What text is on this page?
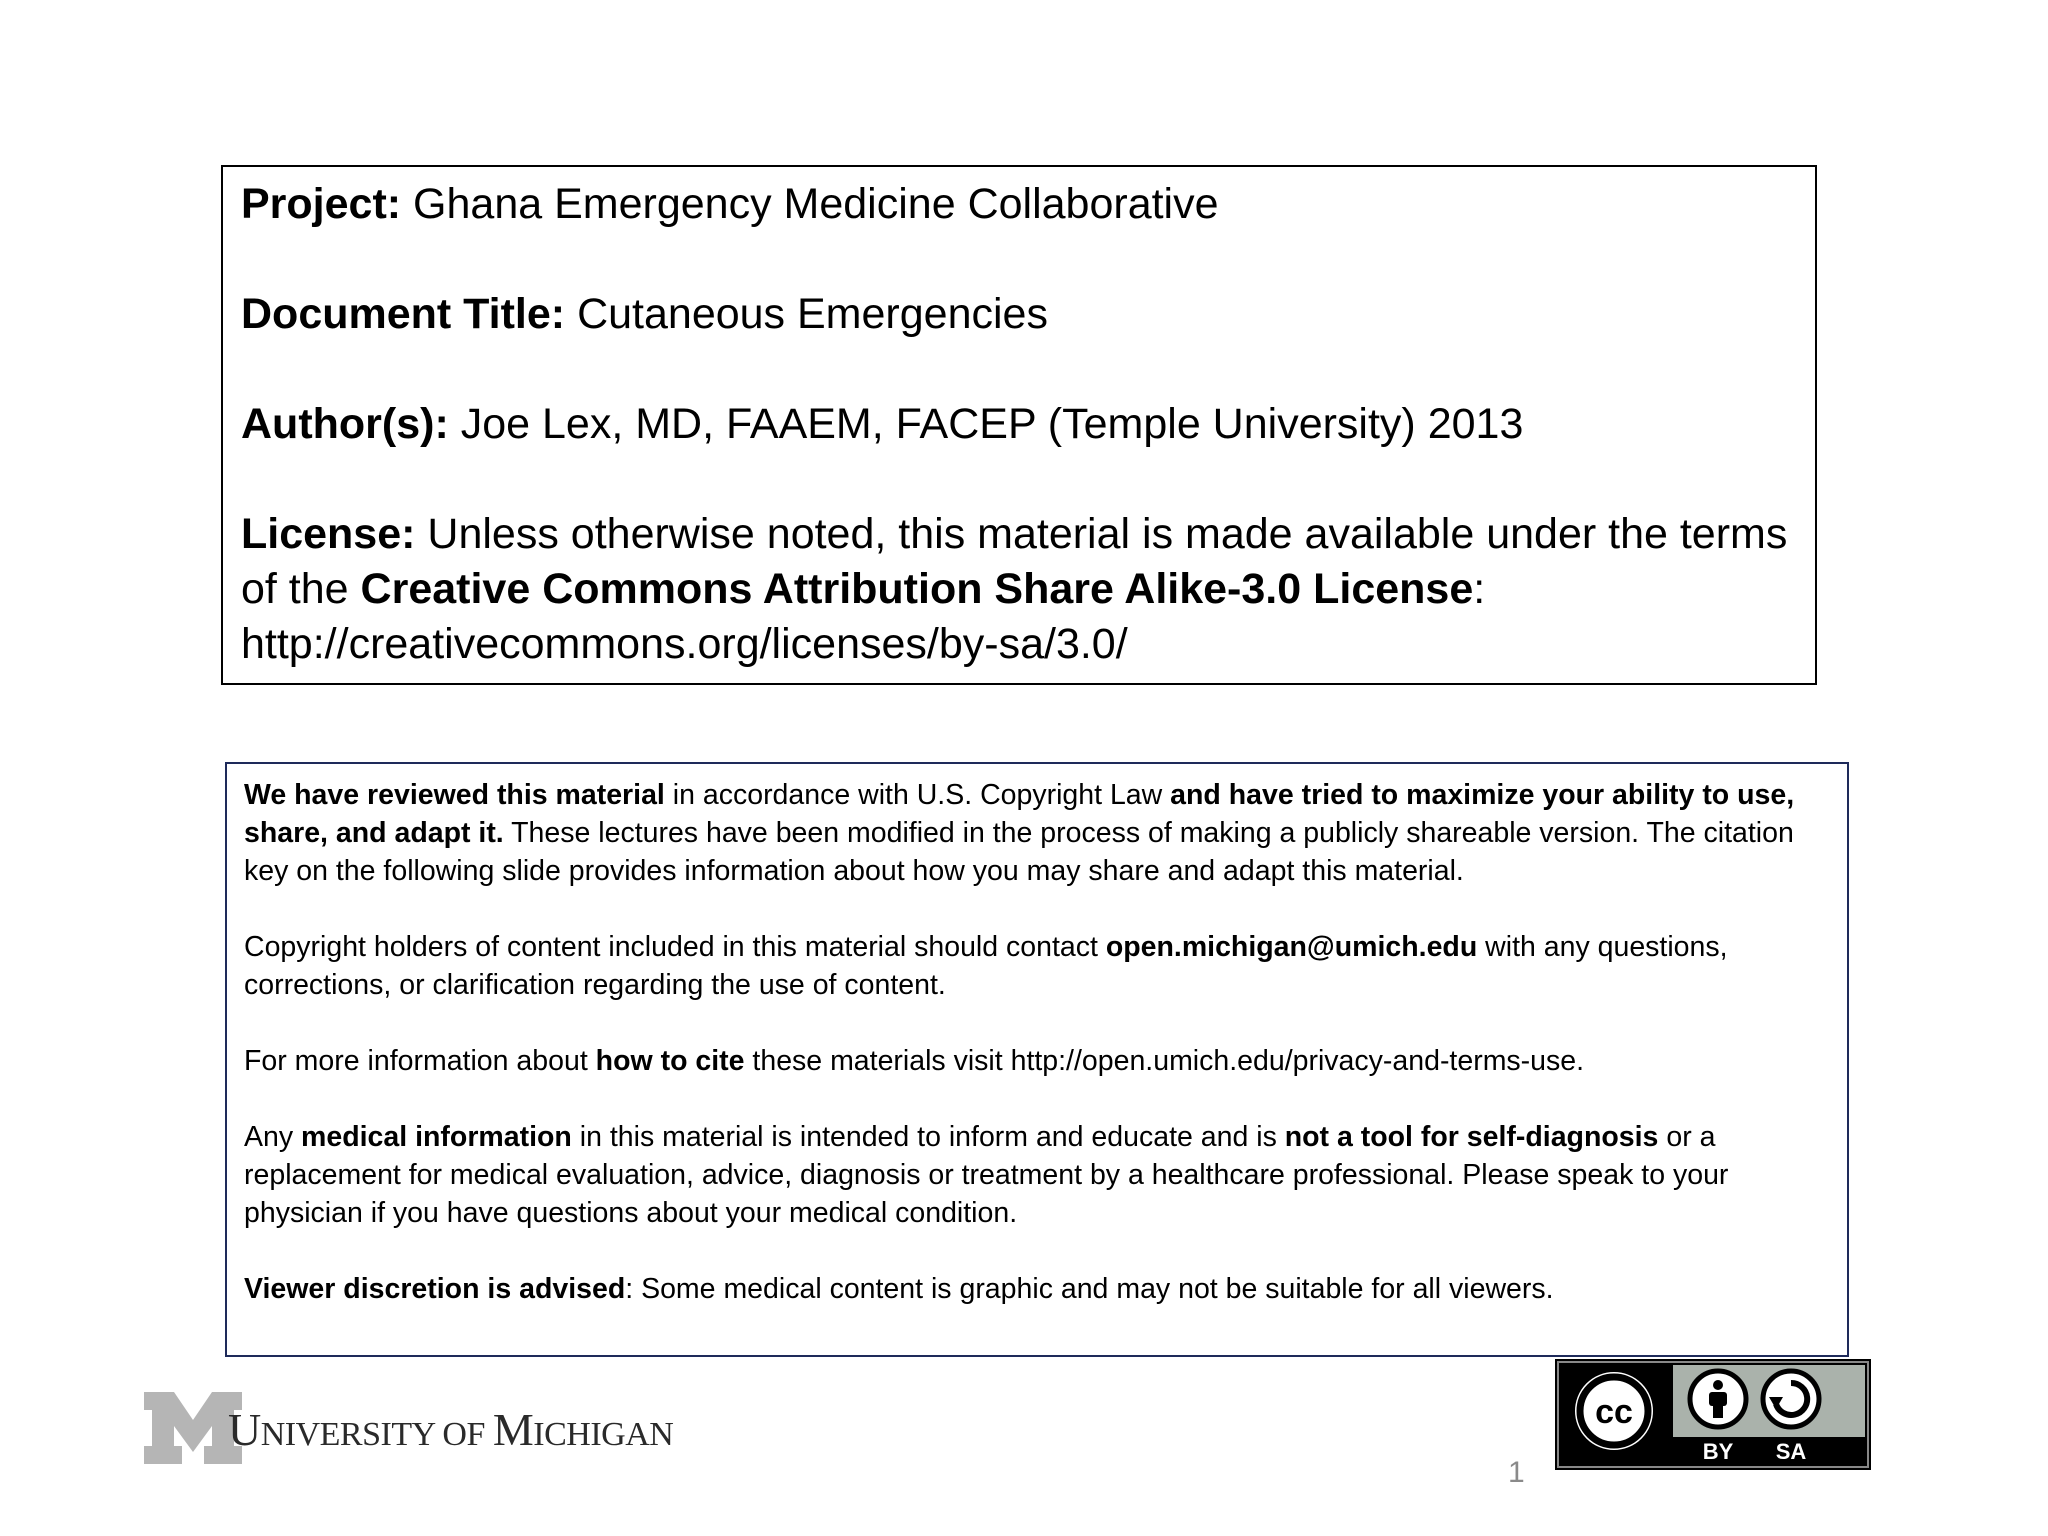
Project: Ghana Emergency Medicine Collaborative

Document Title: Cutaneous Emergencies

Author(s): Joe Lex, MD, FAAEM, FACEP (Temple University) 2013

License: Unless otherwise noted, this material is made available under the terms of the Creative Commons Attribution Share Alike-3.0 License:
http://creativecommons.org/licenses/by-sa/3.0/

We have reviewed this material in accordance with U.S. Copyright Law and have tried to maximize your ability to use, share, and adapt it. These lectures have been modified in the process of making a publicly shareable version. The citation key on the following slide provides information about how you may share and adapt this material.

Copyright holders of content included in this material should contact open.michigan@umich.edu with any questions, corrections, or clarification regarding the use of content.

For more information about how to cite these materials visit http://open.umich.edu/privacy-and-terms-use.

Any medical information in this material is intended to inform and educate and is not a tool for self-diagnosis or a replacement for medical evaluation, advice, diagnosis or treatment by a healthcare professional. Please speak to your physician if you have questions about your medical condition.

Viewer discretion is advised: Some medical content is graphic and may not be suitable for all viewers.

UNIVERSITY OF MICHIGAN
1
cc
BY SA
